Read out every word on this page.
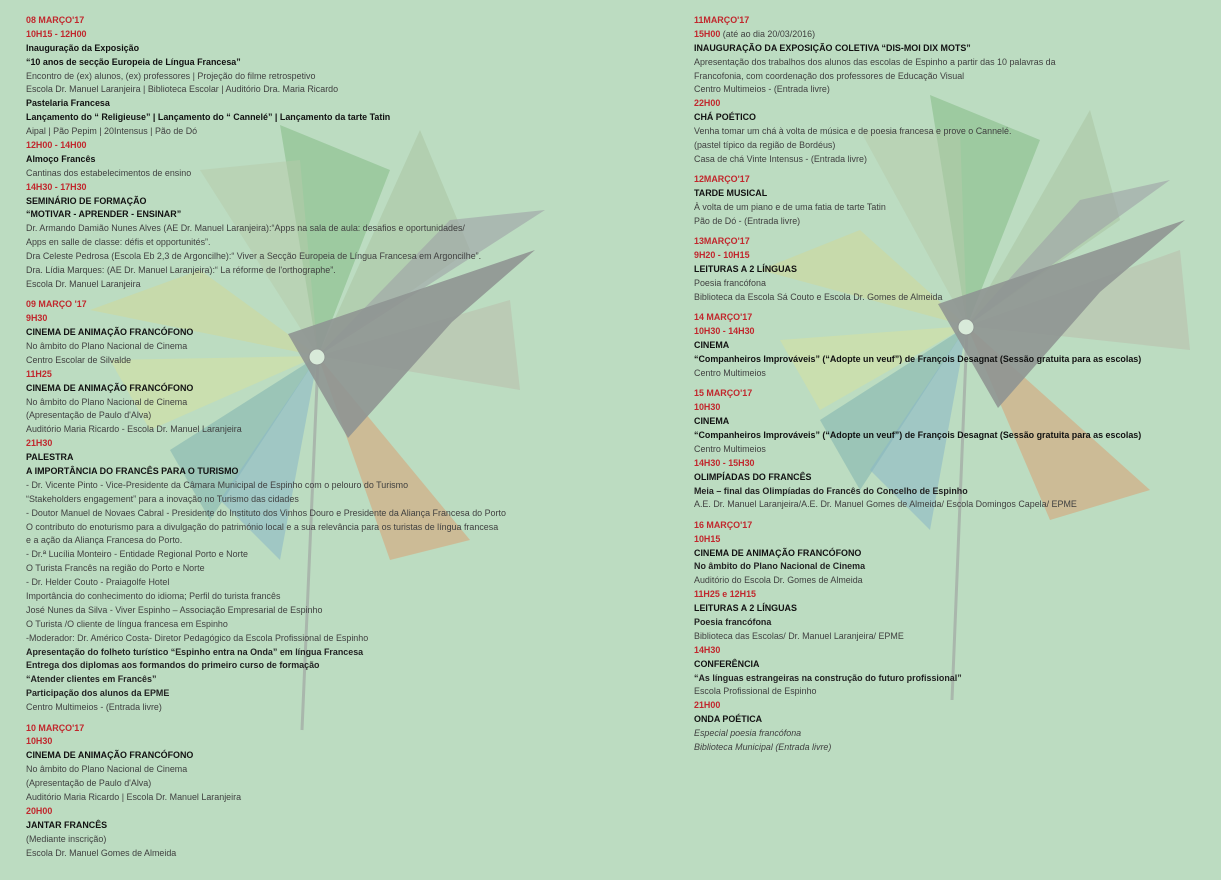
08 MARÇO'17
10H15 - 12H00
Inauguração da Exposição
“10 anos de secção Europeia de Língua Francesa”
Encontro de (ex) alunos, (ex) professores | Projeção do filme retrospetivo
Escola Dr. Manuel Laranjeira | Biblioteca Escolar | Auditório Dra. Maria Ricardo
Pastelaria Francesa
Lançamento do “ Religieuse” | Lançamento do “ Cannelé” | Lançamento da tarte Tatin
Aipal | Pão Pepim | 20Intensus | Pão de Dó
12H00 - 14H00
Almoço Francês
Cantinas dos estabelecimentos de ensino
14H30 - 17H30
SEMINÁRIO DE FORMAÇÃO
“MOTIVAR - APRENDER - ENSINAR”
Dr. Armando Damião Nunes Alves (AE Dr. Manuel Laranjeira):“Apps na sala de aula: desafios e oportunidades/
Apps en salle de classe: défis et opportunités”.
Dra Celeste Pedrosa (Escola Eb 2,3 de Argoncilhe):“ Viver a Secção Europeia de Língua Francesa em Argoncilhe”.
Dra. Lídia Marques: (AE Dr. Manuel Laranjeira):“ La réforme de l'orthographe”.
Escola Dr. Manuel Laranjeira
09 MARÇO '17
9H30
CINEMA DE ANIMAÇÃO FRANCÓFONO
No âmbito do Plano Nacional de Cinema
Centro Escolar de Silvalde
11H25
CINEMA DE ANIMAÇÃO FRANCÓFONO
No âmbito do Plano Nacional de Cinema
(Apresentação de Paulo d'Alva)
Auditório Maria Ricardo - Escola Dr. Manuel Laranjeira
21H30
PALESTRA
A IMPORTÂNCIA DO FRANCÊS PARA O TURISMO
- Dr. Vicente Pinto - Vice-Presidente da Câmara Municipal de Espinho com o pelouro do Turismo
“Stakeholders engagement” para a inovação no Turismo das cidades
- Doutor Manuel de Novaes Cabral - Presidente do Instituto dos Vinhos Douro e Presidente da Aliança Francesa do Porto
O contributo do enoturismo para a divulgação do património local e a sua relevância para os turistas de língua francesa
e a ação da Aliança Francesa do Porto.
- Dr.ª Lucília Monteiro - Entidade Regional Porto e Norte
O Turista Francês na região do Porto e Norte
- Dr. Helder Couto - Praiagolfe Hotel
Importância do conhecimento do idioma; Perfil do turista francês
José Nunes da Silva - Viver Espinho – Associação Empresarial de Espinho
O Turista /O cliente de língua francesa em Espinho
-Moderador: Dr. Américo Costa- Diretor Pedagógico da Escola Profissional de Espinho
Apresentação do folheto turístico “Espinho entra na Onda” em língua Francesa
Entrega dos diplomas aos formandos do primeiro curso de formação
“Atender clientes em Francês”
Participação dos alunos da EPME
Centro Multimeios - (Entrada livre)
10 MARÇO'17
10H30
CINEMA DE ANIMAÇÃO FRANCÓFONO
No âmbito do Plano Nacional de Cinema
(Apresentação de Paulo d'Alva)
Auditório Maria Ricardo | Escola Dr. Manuel Laranjeira
20H00
JANTAR FRANCÊS
(Mediante inscrição)
Escola Dr. Manuel Gomes de Almeida
11MARÇO'17
15H00 (até ao dia 20/03/2016)
INAUGURAÇÃO DA EXPOSIÇÃO COLETIVA “DIS-MOI DIX MOTS”
Apresentação dos trabalhos dos alunos das escolas de Espinho a partir das 10 palavras da
Francofonia, com coordenação dos professores de Educação Visual
Centro Multimeios - (Entrada livre)
22H00
CHÁ POÉTICO
Venha tomar um chá à volta de música e de poesia francesa e prove o Cannelé.
(pastel típico da região de Bordéus)
Casa de chá Vinte Intensus - (Entrada livre)
12MARÇO'17
TARDE MUSICAL
À volta de um piano e de uma fatia de tarte Tatin
Pão de Dó - (Entrada livre)
13MARÇO'17
9H20 - 10H15
LEITURAS A 2 LÍNGUAS
Poesia francófona
Biblioteca da Escola Sá Couto e Escola Dr. Gomes de Almeida
14 MARÇO'17
10H30 - 14H30
CINEMA
“Companheiros Improváveis” (“Adopte un veuf”) de François Desagnat (Sessão gratuita para as escolas)
Centro Multimeios
15 MARÇO'17
10H30
CINEMA
“Companheiros Improváveis” (“Adopte un veuf”) de François Desagnat (Sessão gratuita para as escolas)
Centro Multimeios
14H30 - 15H30
OLIMPÍADAS DO FRANCÊS
Meia – final das Olimpíadas do Francês do Concelho de Espinho
A.E. Dr. Manuel Laranjeira/A.E. Dr. Manuel Gomes de Almeida/ Escola Domingos Capela/ EPME
16 MARÇO'17
10H15
CINEMA DE ANIMAÇÃO FRANCÓFONO
No âmbito do Plano Nacional de Cinema
Auditório do Escola Dr. Gomes de Almeida
11H25 e 12H15
LEITURAS A 2 LÍNGUAS
Poesia francófona
Biblioteca das Escolas/ Dr. Manuel Laranjeira/ EPME
14H30
CONFERÊNCIA
“As línguas estrangeiras na construção do futuro profissional”
Escola Profissional de Espinho
21H00
ONDA POÉTICA
Especial poesia francófona
Biblioteca Municipal (Entrada livre)
